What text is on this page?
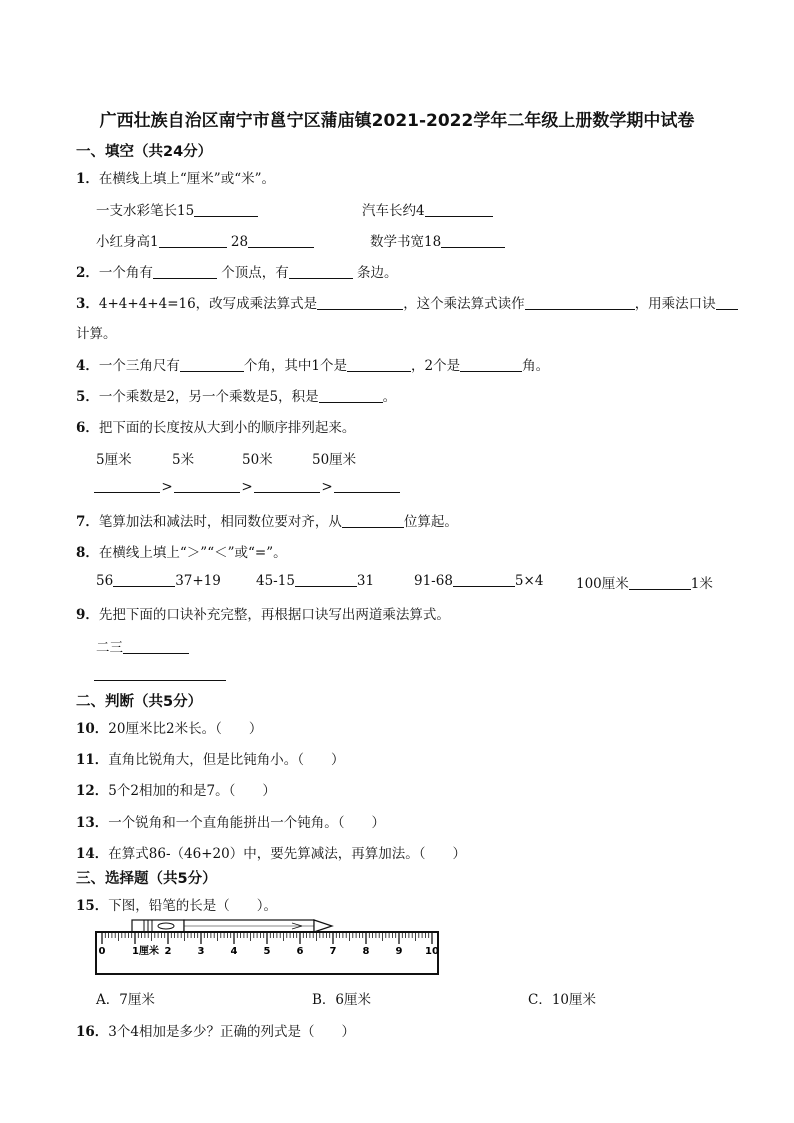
广西壮族自治区南宁市邕宁区蒲庙镇2021-2022学年二年级上册数学期中试卷
一、填空（共24分）
1．在横线上填上“厘米”或“米”。
一支水彩笔长15	汽车长约4
小红身高1	28	数学书宽18
2．一个角有	个顶点，有	条边。
3．4+4+4+4=16，改写成乘法算式是	，这个乘法算式读作	，用乘法口诀
计算。
4．一个三角尺有	个角，其中1个是	，2个是	角。
5．一个乘数是2，另一个乘数是5，积是	。
6．把下面的长度按从大到小的顺序排列起来。
5厘米	5米	50米	50厘米
>	>	>
7．笔算加法和减法时，相同数位要对齐，从	位算起。
8．在横线上填上“＞”“＜”或“=”。
56	37+19	45-15	31	91-68	5×4 100厘米	1米
9．先把下面的口诀补充完整，再根据口诀写出两道乘法算式。
二三
二、判断（共5分）
10．20厘米比2米长。（　　）
11．直角比锐角大，但是比钝角小。（　　）
12．5个2相加的和是7。（　　）
13．一个锐角和一个直角能拼出一个钝角。（　　）
14．在算式86-（46+20）中，要先算减法，再算加法。（　　）
三、选择题（共5分）
15．下图，铅笔的长是（　　）。
0	1厘米 2	3	4	5	6	7	8	9 10
A．7厘米	B．6厘米	C．10厘米
16．3个4相加是多少？正确的列式是（　　）
